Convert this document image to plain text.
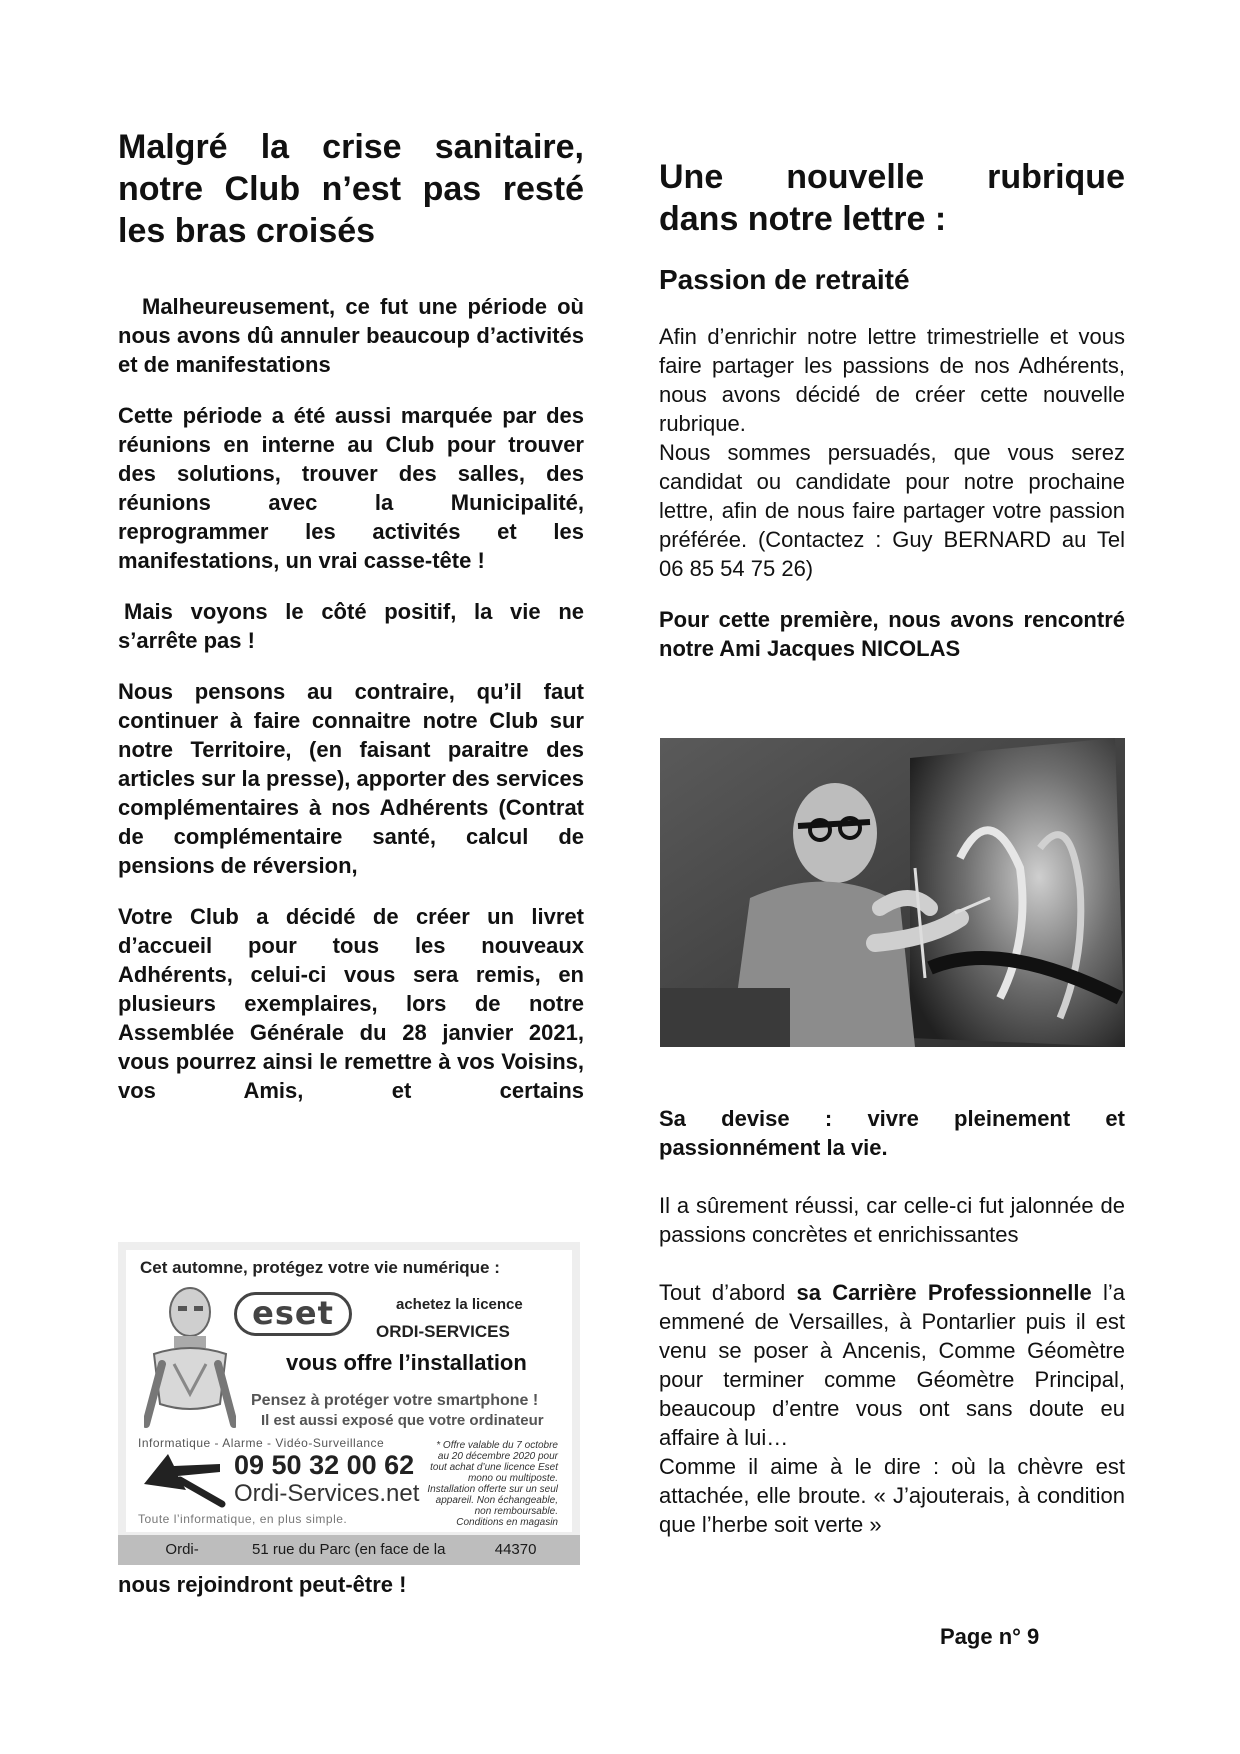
Malgré la crise sanitaire,
notre Club n’est pas resté
les bras croisés

Malheureusement, ce fut une période où nous avons dû annuler beaucoup d’activités et de manifestations

Cette période a été aussi marquée par des réunions en interne au Club pour trouver des solutions, trouver des salles, des réunions avec la Municipalité, reprogrammer les activités et les manifestations, un vrai casse-tête !

Mais voyons le côté positif, la vie ne s’arrête pas !

Nous pensons au contraire, qu’il faut continuer à faire connaitre notre Club sur notre Territoire, (en faisant paraitre des articles sur la presse), apporter des services complémentaires à nos Adhérents (Contrat de complémentaire santé, calcul de pensions de réversion,

Votre Club a décidé de créer un livret d’accueil pour tous les nouveaux Adhérents, celui-ci vous sera remis, en plusieurs exemplaires, lors de notre Assemblée Générale du 28 janvier 2021, vous pourrez ainsi le remettre à vos Voisins, vos Amis, et certains

Cet automne, protégez votre vie numérique :
eset	achetez la licence
ORDI-SERVICES
vous offre l’installation
Pensez à protéger votre smartphone !
Il est aussi exposé que votre ordinateur
Informatique - Alarme - Vidéo-Surveillance
09 50 32 00 62
Ordi-Services.net
Toute l’informatique, en plus simple.
* Offre valable du 7 octobre au 20 décembre 2020 pour tout achat d’une licence Eset mono ou multiposte. Installation offerte sur un seul appareil. Non échangeable, non remboursable. Conditions en magasin
Ordi-	51 rue du Parc (en face de la	44370

nous rejoindront peut-être !

Une nouvelle rubrique
dans notre lettre :
Passion de retraité

Afin d’enrichir notre lettre trimestrielle et vous faire partager les passions de nos Adhérents, nous avons décidé de créer cette nouvelle rubrique.

Nous sommes persuadés, que vous serez candidat ou candidate pour notre prochaine lettre, afin de nous faire partager votre passion préférée. (Contactez : Guy BERNARD au Tel 06 85 54 75 26)

Pour cette première, nous avons rencontré notre Ami Jacques NICOLAS

Sa devise : vivre pleinement et passionnément la vie.

Il a sûrement réussi, car celle-ci fut jalonnée de passions concrètes et enrichissantes

Tout d’abord sa Carrière Professionnelle l’a emmené de Versailles, à Pontarlier puis il est venu se poser à Ancenis, Comme Géomètre pour terminer comme Géomètre Principal, beaucoup d’entre vous ont sans doute eu affaire à lui…

Comme il aime à le dire : où la chèvre est attachée, elle broute. « J’ajouterais, à condition que l’herbe soit verte »

Page n° 9
